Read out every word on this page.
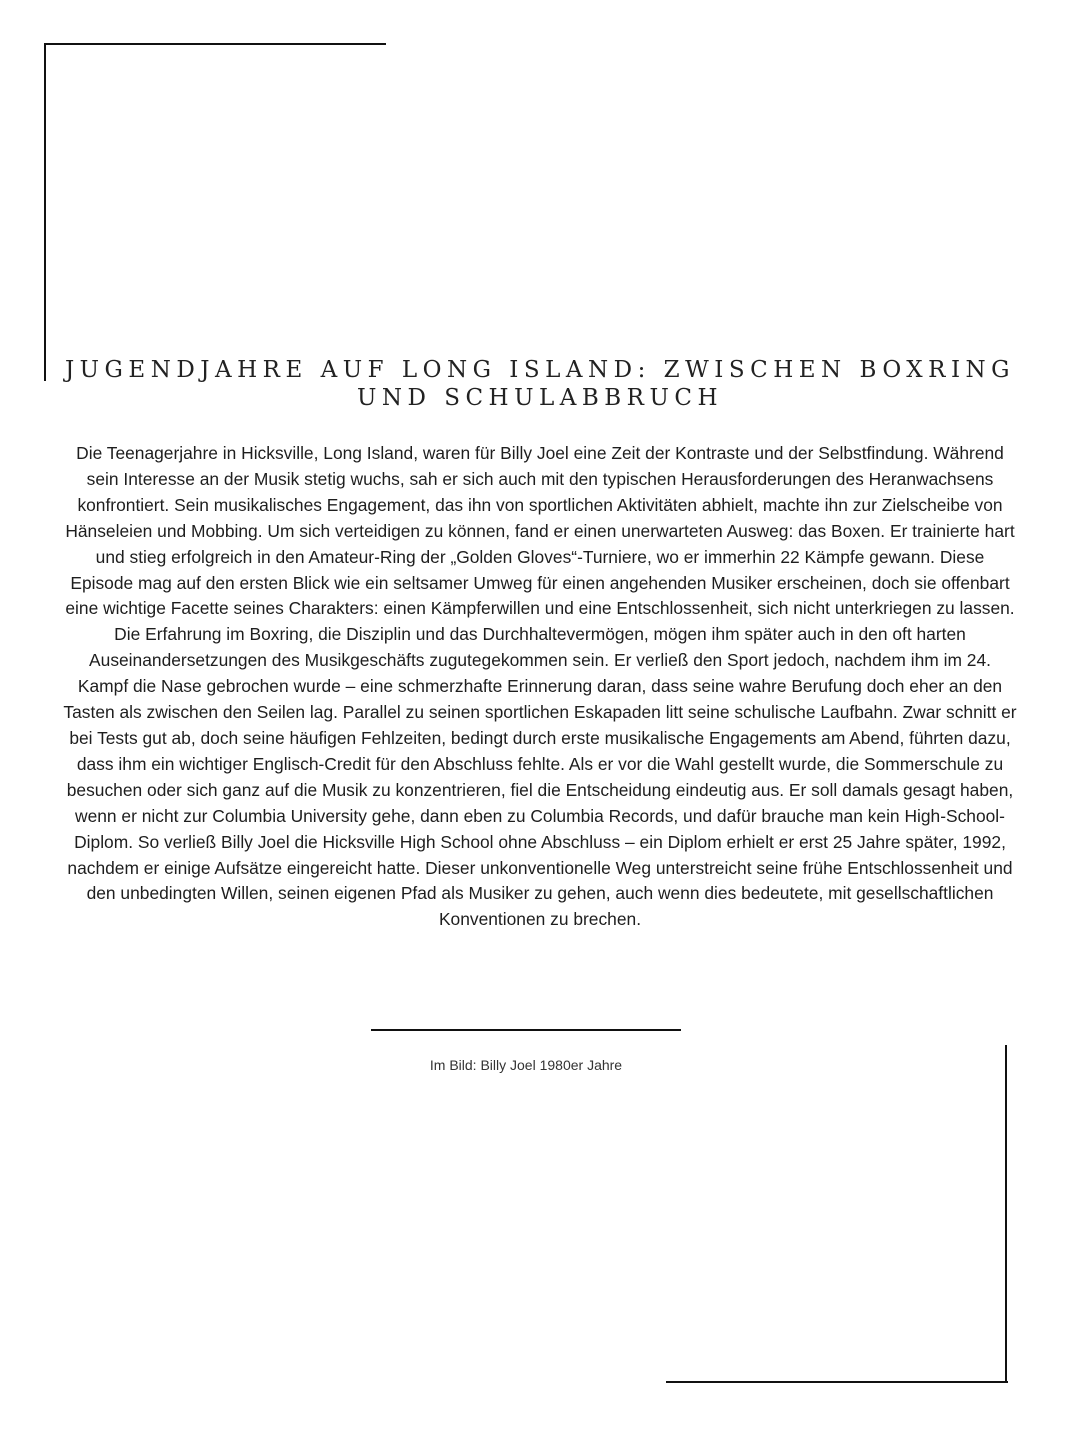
JUGENDJAHRE AUF LONG ISLAND: ZWISCHEN BOXRING UND SCHULABBRUCH

Die Teenagerjahre in Hicksville, Long Island, waren für Billy Joel eine Zeit der Kontraste und der Selbstfindung. Während sein Interesse an der Musik stetig wuchs, sah er sich auch mit den typischen Herausforderungen des Heranwachsens konfrontiert. Sein musikalisches Engagement, das ihn von sportlichen Aktivitäten abhielt, machte ihn zur Zielscheibe von Hänseleien und Mobbing. Um sich verteidigen zu können, fand er einen unerwarteten Ausweg: das Boxen. Er trainierte hart und stieg erfolgreich in den Amateur-Ring der „Golden Gloves“-Turniere, wo er immerhin 22 Kämpfe gewann. Diese Episode mag auf den ersten Blick wie ein seltsamer Umweg für einen angehenden Musiker erscheinen, doch sie offenbart eine wichtige Facette seines Charakters: einen Kämpferwillen und eine Entschlossenheit, sich nicht unterkriegen zu lassen. Die Erfahrung im Boxring, die Disziplin und das Durchhaltevermögen, mögen ihm später auch in den oft harten Auseinandersetzungen des Musikgeschäfts zugutegekommen sein. Er verließ den Sport jedoch, nachdem ihm im 24. Kampf die Nase gebrochen wurde – eine schmerzhafte Erinnerung daran, dass seine wahre Berufung doch eher an den Tasten als zwischen den Seilen lag. Parallel zu seinen sportlichen Eskapaden litt seine schulische Laufbahn. Zwar schnitt er bei Tests gut ab, doch seine häufigen Fehlzeiten, bedingt durch erste musikalische Engagements am Abend, führten dazu, dass ihm ein wichtiger Englisch-Credit für den Abschluss fehlte. Als er vor die Wahl gestellt wurde, die Sommerschule zu besuchen oder sich ganz auf die Musik zu konzentrieren, fiel die Entscheidung eindeutig aus. Er soll damals gesagt haben, wenn er nicht zur Columbia University gehe, dann eben zu Columbia Records, und dafür brauche man kein High-School-Diplom. So verließ Billy Joel die Hicksville High School ohne Abschluss – ein Diplom erhielt er erst 25 Jahre später, 1992, nachdem er einige Aufsätze eingereicht hatte. Dieser unkonventionelle Weg unterstreicht seine frühe Entschlossenheit und den unbedingten Willen, seinen eigenen Pfad als Musiker zu gehen, auch wenn dies bedeutete, mit gesellschaftlichen Konventionen zu brechen.

Im Bild: Billy Joel 1980er Jahre
